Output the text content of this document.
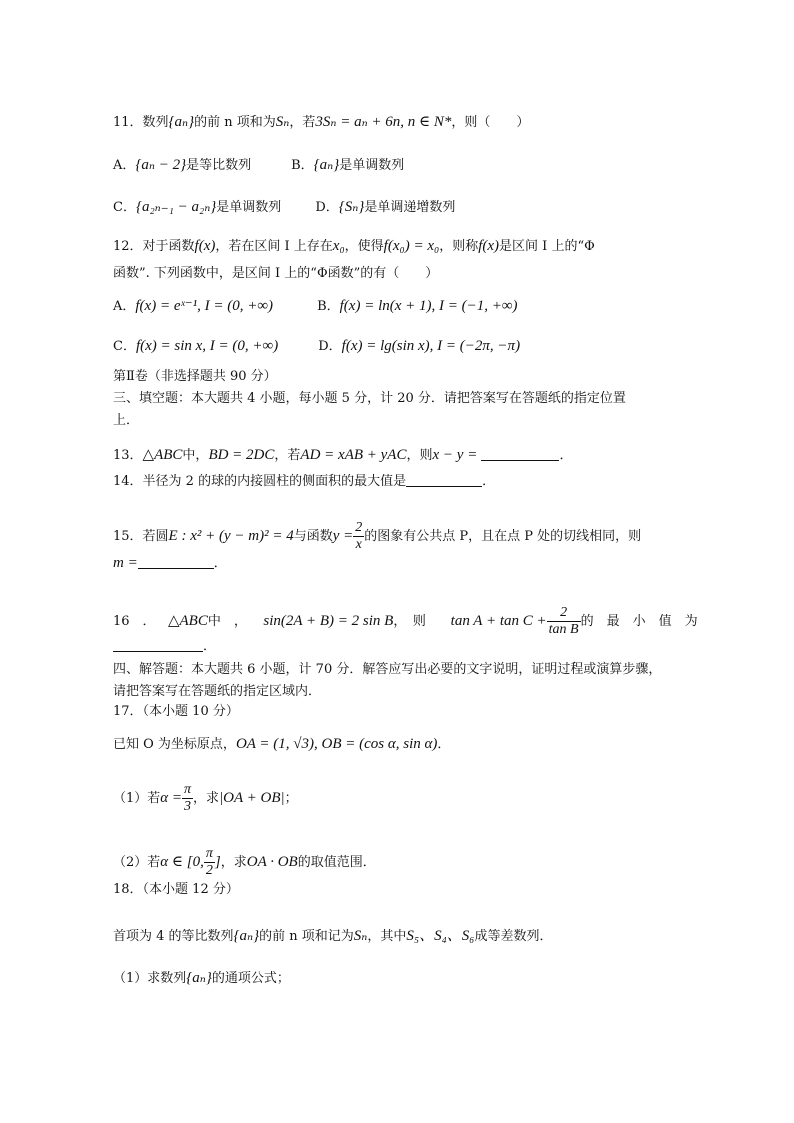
11．数列{aₙ}的前 n 项和为Sₙ，若3Sₙ = aₙ + 6n, n ∈ N*，则（　　）
A．{aₙ − 2}是等比数列	B．{aₙ}是单调数列
C．{a₂ₙ₋₁ − a₂ₙ}是单调数列	D．{Sₙ}是单调递增数列
12．对于函数f(x)，若在区间 I 上存在x₀，使得f(x₀) = x₀，则称f(x)是区间 I 上的“Φ
函数”. 下列函数中，是区间 I 上的“Φ函数”的有（　　）
A．f(x) = eˣ⁻¹, I = (0, +∞)	B．f(x) = ln(x + 1), I = (−1, +∞)
C．f(x) = sin x, I = (0, +∞)	D．f(x) = lg(sin x), I = (−2π, −π)
第Ⅱ卷（非选择题共 90 分）
三、填空题：本大题共 4 小题，每小题 5 分，计 20 分．请把答案写在答题纸的指定位置
上．
13．△ABC中，BD = 2DC，若AD = xAB + yAC，则x − y =	．
14．半径为 2 的球的内接圆柱的侧面积的最大值是	．
15．若圆E : x² + (y − m)² = 4与函数$y = \frac{2}{x}$ 的图象有公共点 P，且在点 P 处的切线相同，则
m =	．
16　． △ABC中　， sin(2A + B) = 2 sin B，　则 $\tan A + \tan C + \frac{2}{\text{tan B}}$ 的　最　小　值　为
．
四、解答题：本大题共 6 小题，计 70 分．解答应写出必要的文字说明，证明过程或演算步骤，
请把答案写在答题纸的指定区域内．
17．（本小题 10 分）
已知 O 为坐标原点，OA = (1, √3), OB = (cos α, sin α)．
（1）若$\alpha = \frac{\pi}{3}$ ，求|OA + OB|；
（2）若α ∈ [0, $\frac{\pi}{2}$ ]，求OA · OB的取值范围．
18．（本小题 12 分）
首项为 4 的等比数列{aₙ}的前 n 项和记为Sₙ，其中S₅、S₄、S₆成等差数列．
（1）求数列{aₙ}的通项公式；
